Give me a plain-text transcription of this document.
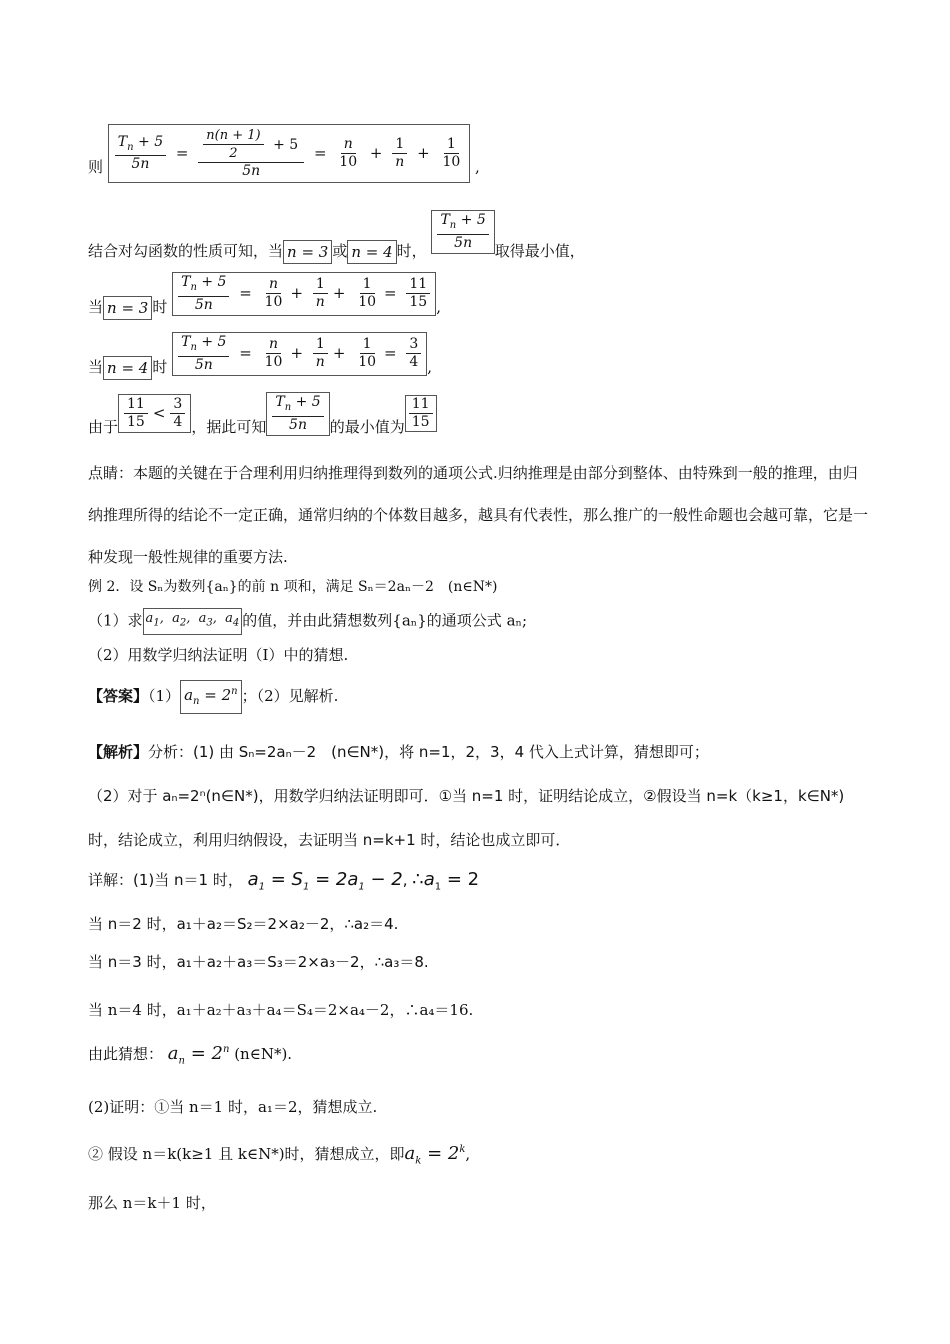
则 $\frac{T_n + 5}{5n} = \frac{\frac{n(n + 1)}{2} + 5}{5n} = \frac{n}{10} + \frac{1}{n} + \frac{1}{10}$ ,
结合对勾函数的性质可知，当 n = 3 或 n = 4 时， $\frac{T_n + 5}{5n}$ 取得最小值，
当 n = 3 时 $\frac{T_n + 5}{5n} = \frac{n}{10} + \frac{1}{n} + \frac{1}{10} = \frac{11}{15}$ ,
当 n = 4 时 $\frac{T_n + 5}{5n} = \frac{n}{10} + \frac{1}{n} + \frac{1}{10} = \frac{3}{4}$ ,
由于 $\frac{11}{15} < \frac{3}{4}$ ，据此可知 $\frac{T_n + 5}{5n}$ 的最小值为 $\frac{11}{15}$
点睛：本题的关键在于合理利用归纳推理得到数列的通项公式.归纳推理是由部分到整体、由特殊到一般的推理，由归纳推理所得的结论不一定正确，通常归纳的个体数目越多，越具有代表性，那么推广的一般性命题也会越可靠，它是一种发现一般性规律的重要方法.
例 2．设 Sₙ为数列{aₙ}的前 n 项和，满足 Sₙ＝2aₙ－2　(n∈N*)
（1）求 $a_1$,  $a_2$,  $a_3$,  $a_4$ 的值，并由此猜想数列{aₙ}的通项公式 aₙ;
（2）用数学归纳法证明（Ⅰ）中的猜想.
【答案】（1） $a_n = 2^n$ ；（2）见解析.
【解析】分析：(1) 由 Sₙ=2aₙ－2　(n∈N*)，将 n=1，2，3，4 代入上式计算，猜想即可；
（2）对于 aₙ=2ⁿ(n∈N*)，用数学归纳法证明即可．①当 n=1 时，证明结论成立，②假设当 n=k（k≥1，k∈N*)
时，结论成立，利用归纳假设，去证明当 n=k+1 时，结论也成立即可．
详解：(1)当 n＝1 时， $a_1 = S_1 = 2a_1 - 2$, $\therefore a_1 = 2$
当 n＝2 时，a₁＋a₂＝S₂＝2×a₂－2，∴a₂＝4.
当 n＝3 时，a₁＋a₂＋a₃＝S₃＝2×a₃－2，∴a₃＝8.
当 n＝4 时，a₁＋a₂＋a₃＋a₄＝S₄＝2×a₄－2，∴a₄＝16.
由此猜想： $a_n = 2^n$ (n∈N*).
(2)证明：①当 n＝1 时，a₁＝2，猜想成立.
② 假设 n＝k(k≥1 且 k∈N*)时，猜想成立，即$a_k = 2^k$,
那么 n＝k＋1 时，
